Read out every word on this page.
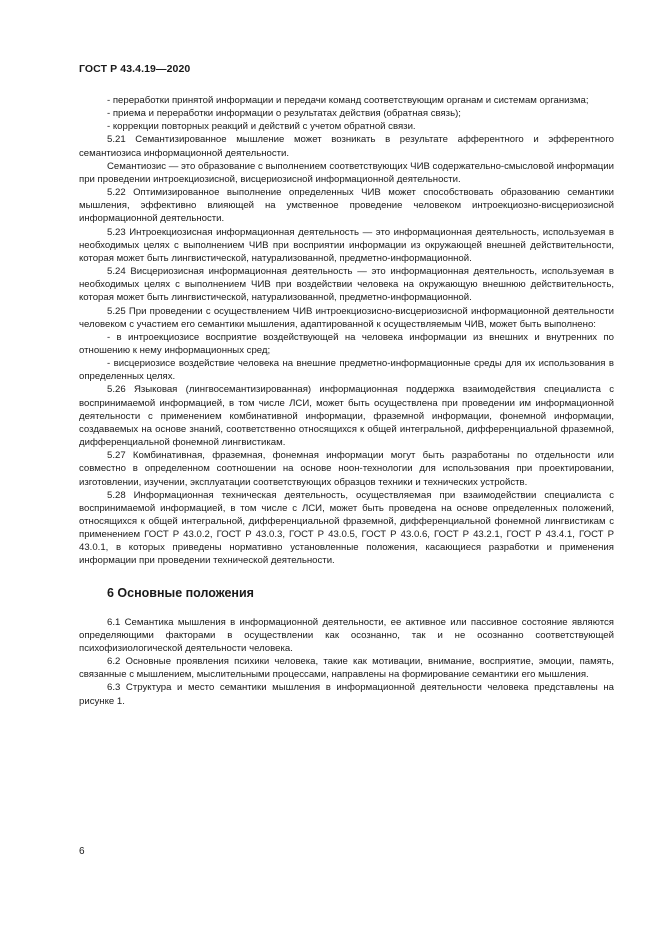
ГОСТ Р 43.4.19—2020

- переработки принятой информации и передачи команд соответствующим органам и системам организма;

- приема и переработки информации о результатах действия (обратная связь);

- коррекции повторных реакций и действий с учетом обратной связи.

5.21 Семантизированное мышление может возникать в результате афферентного и эфферентного семантиозиса информационной деятельности.

Семантиозис — это образование с выполнением соответствующих ЧИВ содержательно-смысловой информации при проведении интроекциозисной, висцериозисной информационной деятельности.

5.22 Оптимизированное выполнение определенных ЧИВ может способствовать образованию семантики мышления, эффективно влияющей на умственное проведение человеком интроекциозно-висцериозисной информационной деятельности.

5.23 Интроекциозисная информационная деятельность — это информационная деятельность, используемая в необходимых целях с выполнением ЧИВ при восприятии информации из окружающей внешней действительности, которая может быть лингвистической, натурализованной, предметно-информационной.

5.24 Висцериозисная информационная деятельность — это информационная деятельность, используемая в необходимых целях с выполнением ЧИВ при воздействии человека на окружающую внешнюю действительность, которая может быть лингвистической, натурализованной, предметно-информационной.

5.25 При проведении с осуществлением ЧИВ интроекциозисно-висцериозисной информационной деятельности человеком с участием его семантики мышления, адаптированной к осуществляемым ЧИВ, может быть выполнено:

- в интроекциозисе восприятие воздействующей на человека информации из внешних и внутренних по отношению к нему информационных сред;

- висцериозисе воздействие человека на внешние предметно-информационные среды для их использования в определенных целях.

5.26 Языковая (лингвосемантизированная) информационная поддержка взаимодействия специалиста с воспринимаемой информацией, в том числе ЛСИ, может быть осуществлена при проведении им информационной деятельности с применением комбинативной информации, фраземной информации, фонемной информации, создаваемых на основе знаний, соответственно относящихся к общей интегральной, дифференциальной фраземной, дифференциальной фонемной лингвистикам.

5.27 Комбинативная, фраземная, фонемная информации могут быть разработаны по отдельности или совместно в определенном соотношении на основе ноон-технологии для использования при проектировании, изготовлении, изучении, эксплуатации соответствующих образцов техники и технических устройств.

5.28 Информационная техническая деятельность, осуществляемая при взаимодействии специалиста с воспринимаемой информацией, в том числе с ЛСИ, может быть проведена на основе определенных положений, относящихся к общей интегральной, дифференциальной фраземной, дифференциальной фонемной лингвистикам с применением ГОСТ Р 43.0.2, ГОСТ Р 43.0.3, ГОСТ Р 43.0.5, ГОСТ Р 43.0.6, ГОСТ Р 43.2.1, ГОСТ Р 43.4.1, ГОСТ Р 43.0.1, в которых приведены нормативно установленные положения, касающиеся разработки и применения информации при проведении технической деятельности.

6 Основные положения

6.1 Семантика мышления в информационной деятельности, ее активное или пассивное состояние являются определяющими факторами в осуществлении как осознанно, так и не осознанно соответствующей психофизиологической деятельности человека.

6.2 Основные проявления психики человека, такие как мотивации, внимание, восприятие, эмоции, память, связанные с мышлением, мыслительными процессами, направлены на формирование семантики его мышления.

6.3 Структура и место семантики мышления в информационной деятельности человека представлены на рисунке 1.

6
